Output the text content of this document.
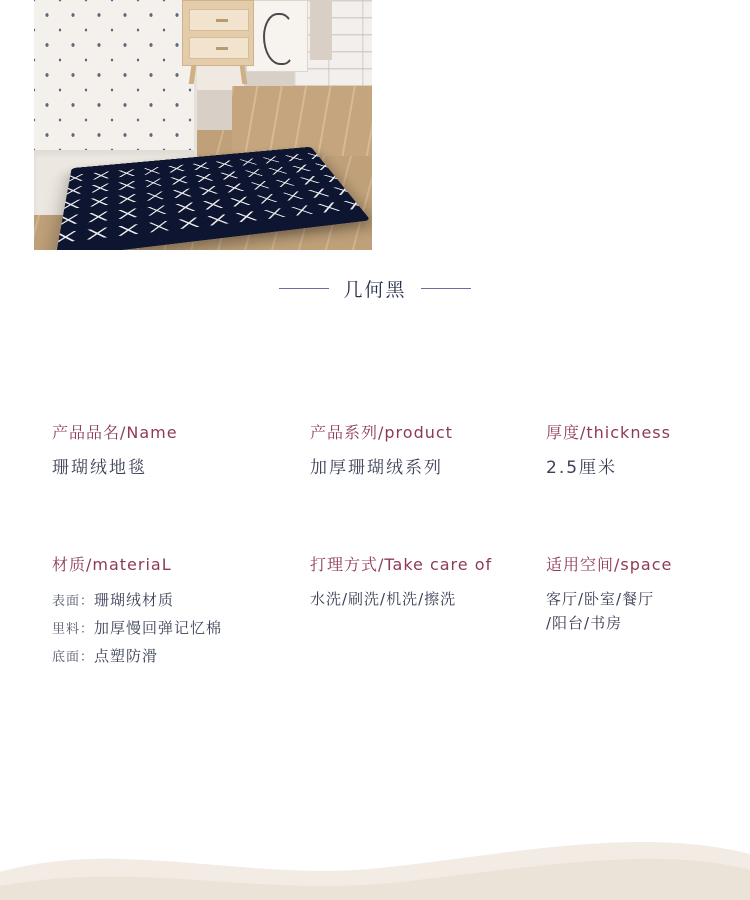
几何黑
产品品名/Name
珊瑚绒地毯
产品系列/product
加厚珊瑚绒系列
厚度/thickness
2.5厘米
材质/materiaL
表面：珊瑚绒材质
里料：加厚慢回弹记忆棉
底面：点塑防滑
打理方式/Take care of
水洗/刷洗/机洗/擦洗
适用空间/space
客厅/卧室/餐厅
/阳台/书房
